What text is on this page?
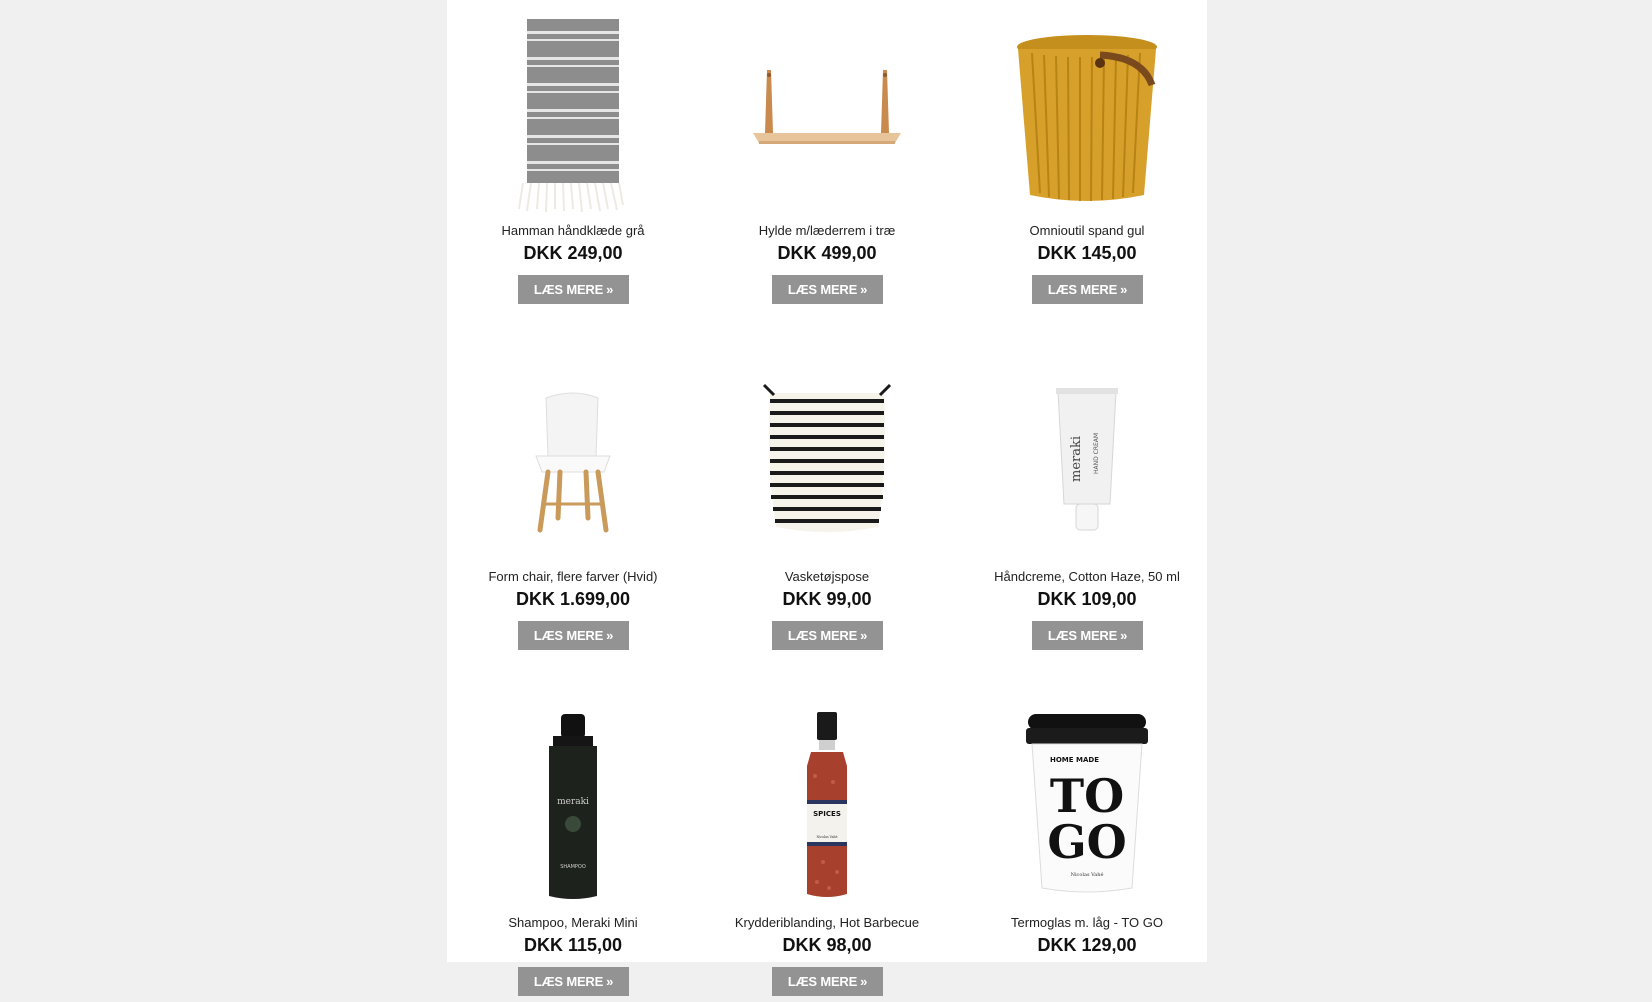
Hamman håndklæde grå
DKK 249,00
LÆS MERE »
Hylde m/læderrem i træ
DKK 499,00
LÆS MERE »
Omnioutil spand gul
DKK 145,00
LÆS MERE »
Form chair, flere farver (Hvid)
DKK 1.699,00
LÆS MERE »
Vasketøjspose
DKK 99,00
LÆS MERE »
meraki HAND CREAM
Håndcreme, Cotton Haze, 50 ml
DKK 109,00
LÆS MERE »
meraki
SHAMPOO
Shampoo, Meraki Mini
DKK 115,00
LÆS MERE »
SPICES
Nicolas Vahé
Krydderiblanding, Hot Barbecue
DKK 98,00
LÆS MERE »
HOME MADE
TO
GO
Nicolas Vahé
Termoglas m. låg - TO GO
DKK 129,00
